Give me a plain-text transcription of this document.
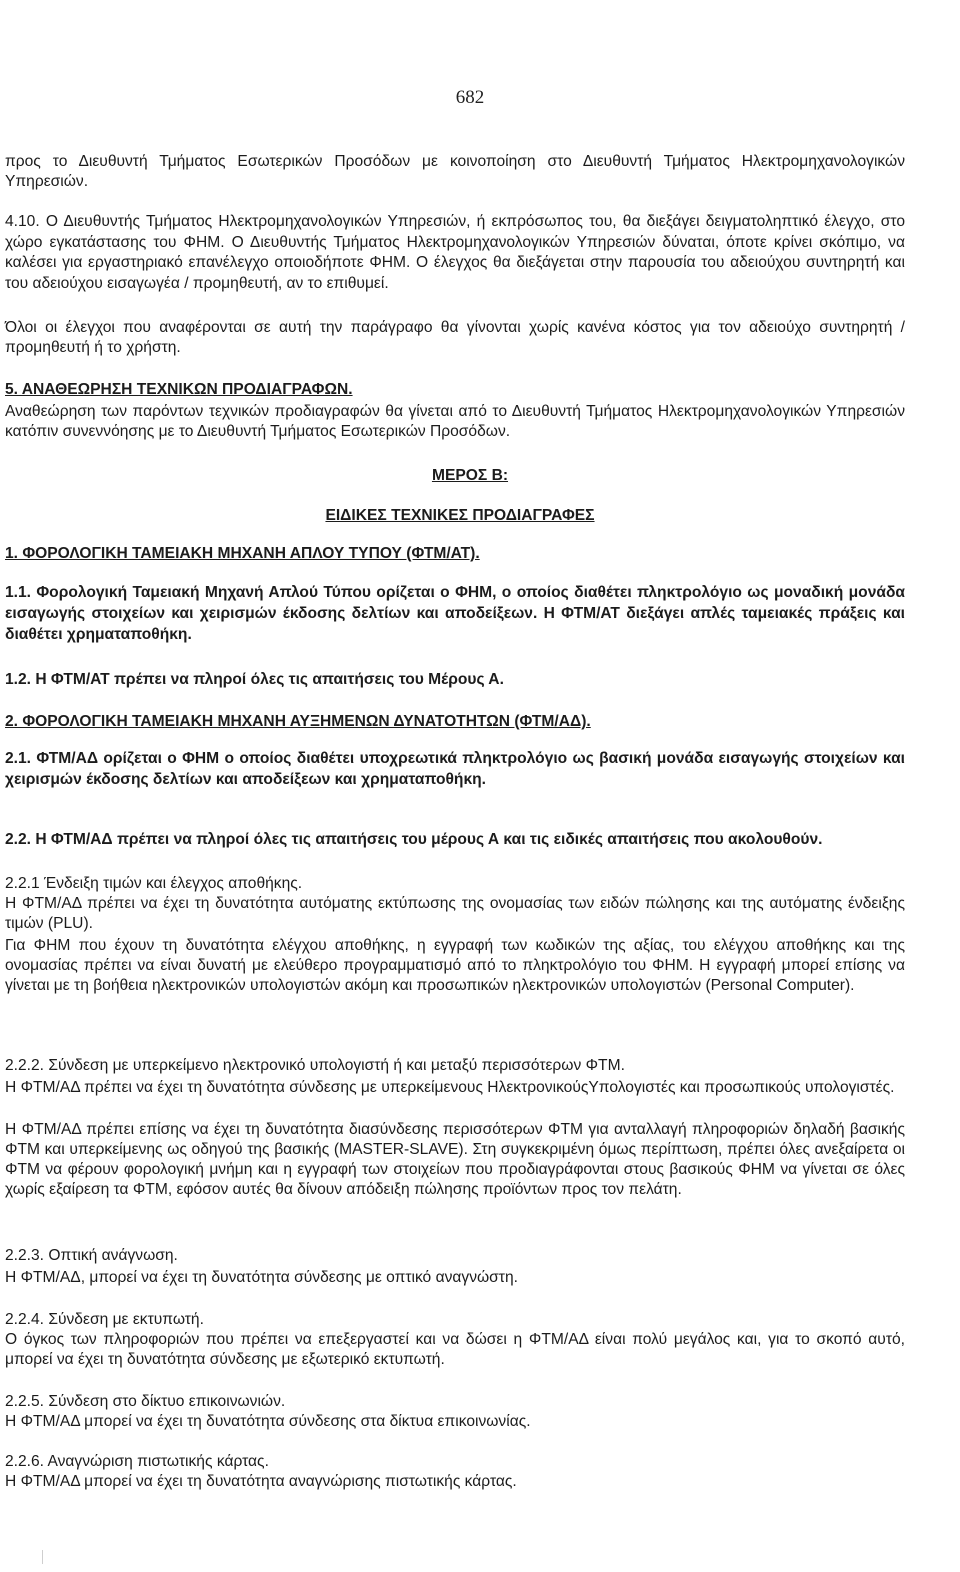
682
προς το Διευθυντή Τμήματος Εσωτερικών Προσόδων με κοινοποίηση στο Διευθυντή Τμήματος Ηλεκτρομηχανολογικών Υπηρεσιών.
4.10. Ο Διευθυντής Τμήματος Ηλεκτρομηχανολογικών Υπηρεσιών, ή εκπρόσωπος του, θα διεξάγει δειγματοληπτικό έλεγχο, στο χώρο εγκατάστασης του ΦΗΜ. Ο Διευθυντής Τμήματος Ηλεκτρομηχανολογικών Υπηρεσιών δύναται, όποτε κρίνει σκόπιμο, να καλέσει για εργαστηριακό επανέλεγχο οποιοδήποτε ΦΗΜ. Ο έλεγχος θα διεξάγεται στην παρουσία του αδειούχου συντηρητή και του αδειούχου εισαγωγέα / προμηθευτή, αν το επιθυμεί.
Όλοι οι έλεγχοι που αναφέρονται σε αυτή την παράγραφο θα γίνονται χωρίς κανένα κόστος για τον αδειούχο συντηρητή / προμηθευτή ή το χρήστη.
5. ΑΝΑΘΕΩΡΗΣΗ ΤΕΧΝΙΚΩΝ ΠΡΟΔΙΑΓΡΑΦΩΝ.
Αναθεώρηση των παρόντων τεχνικών προδιαγραφών θα γίνεται από το Διευθυντή Τμήματος Ηλεκτρομηχανολογικών Υπηρεσιών κατόπιν συνεννόησης με το Διευθυντή Τμήματος Εσωτερικών Προσόδων.
ΜΕΡΟΣ Β:
ΕΙΔΙΚΕΣ ΤΕΧΝΙΚΕΣ ΠΡΟΔΙΑΓΡΑΦΕΣ
1. ΦΟΡΟΛΟΓΙΚΗ ΤΑΜΕΙΑΚΗ ΜΗΧΑΝΗ ΑΠΛΟΥ ΤΥΠΟΥ (ΦΤΜ/ΑΤ).
1.1. Φορολογική Ταμειακή Μηχανή Απλού Τύπου ορίζεται ο ΦΗΜ, ο οποίος διαθέτει πληκτρολόγιο ως μοναδική μονάδα εισαγωγής στοιχείων και χειρισμών έκδοσης δελτίων και αποδείξεων. Η ΦΤΜ/ΑΤ διεξάγει απλές ταμειακές πράξεις και διαθέτει χρηματαποθήκη.
1.2. Η ΦΤΜ/ΑΤ πρέπει να πληροί όλες τις απαιτήσεις του Μέρους Α.
2. ΦΟΡΟΛΟΓΙΚΗ ΤΑΜΕΙΑΚΗ ΜΗΧΑΝΗ ΑΥΞΗΜΕΝΩΝ ΔΥΝΑΤΟΤΗΤΩΝ (ΦΤΜ/ΑΔ).
2.1. ΦΤΜ/ΑΔ ορίζεται ο ΦΗΜ ο οποίος διαθέτει υποχρεωτικά πληκτρολόγιο ως βασική μονάδα εισαγωγής στοιχείων και χειρισμών έκδοσης δελτίων και αποδείξεων και χρηματαποθήκη.
2.2. Η ΦΤΜ/ΑΔ πρέπει να πληροί όλες τις απαιτήσεις του μέρους Α και τις ειδικές απαιτήσεις που ακολουθούν.
2.2.1 Ένδειξη τιμών και έλεγχος αποθήκης.
Η ΦΤΜ/ΑΔ πρέπει να έχει τη δυνατότητα αυτόματης εκτύπωσης της ονομασίας των ειδών πώλησης και της αυτόματης ένδειξης τιμών (PLU).
Για ΦΗΜ που έχουν τη δυνατότητα ελέγχου αποθήκης, η εγγραφή των κωδικών της αξίας, του ελέγχου αποθήκης και της ονομασίας πρέπει να είναι δυνατή με ελεύθερο προγραμματισμό από το πληκτρολόγιο του ΦΗΜ. Η εγγραφή μπορεί επίσης να γίνεται με τη βοήθεια ηλεκτρονικών υπολογιστών ακόμη και προσωπικών ηλεκτρονικών υπολογιστών (Personal Computer).
2.2.2. Σύνδεση με υπερκείμενο ηλεκτρονικό υπολογιστή ή και μεταξύ περισσότερων ΦΤΜ.
Η ΦΤΜ/ΑΔ πρέπει να έχει τη δυνατότητα σύνδεσης με υπερκείμενους ΗλεκτρονικούςΥπολογιστές και προσωπικούς υπολογιστές.
Η ΦΤΜ/ΑΔ πρέπει επίσης να έχει τη δυνατότητα διασύνδεσης περισσότερων ΦΤΜ για ανταλλαγή πληροφοριών δηλαδή βασικής ΦΤΜ και υπερκείμενης ως οδηγού της βασικής (MASTER-SLAVE). Στη συγκεκριμένη όμως περίπτωση, πρέπει όλες ανεξαίρετα οι ΦΤΜ να φέρουν φορολογική μνήμη και η εγγραφή των στοιχείων που προδιαγράφονται στους βασικούς ΦΗΜ να γίνεται σε όλες χωρίς εξαίρεση τα ΦΤΜ, εφόσον αυτές θα δίνουν απόδειξη πώλησης προϊόντων προς τον πελάτη.
2.2.3. Οπτική ανάγνωση.
Η ΦΤΜ/ΑΔ, μπορεί να έχει τη δυνατότητα σύνδεσης με οπτικό αναγνώστη.
2.2.4. Σύνδεση με εκτυπωτή.
Ο όγκος των πληροφοριών που πρέπει να επεξεργαστεί και να δώσει η ΦΤΜ/ΑΔ είναι πολύ μεγάλος και, για το σκοπό αυτό, μπορεί να έχει τη δυνατότητα σύνδεσης με εξωτερικό εκτυπωτή.
2.2.5. Σύνδεση στο δίκτυο επικοινωνιών.
Η ΦΤΜ/ΑΔ μπορεί να έχει τη δυνατότητα σύνδεσης στα δίκτυα επικοινωνίας.
2.2.6. Αναγνώριση πιστωτικής κάρτας.
Η ΦΤΜ/ΑΔ μπορεί να έχει τη δυνατότητα αναγνώρισης πιστωτικής κάρτας.
